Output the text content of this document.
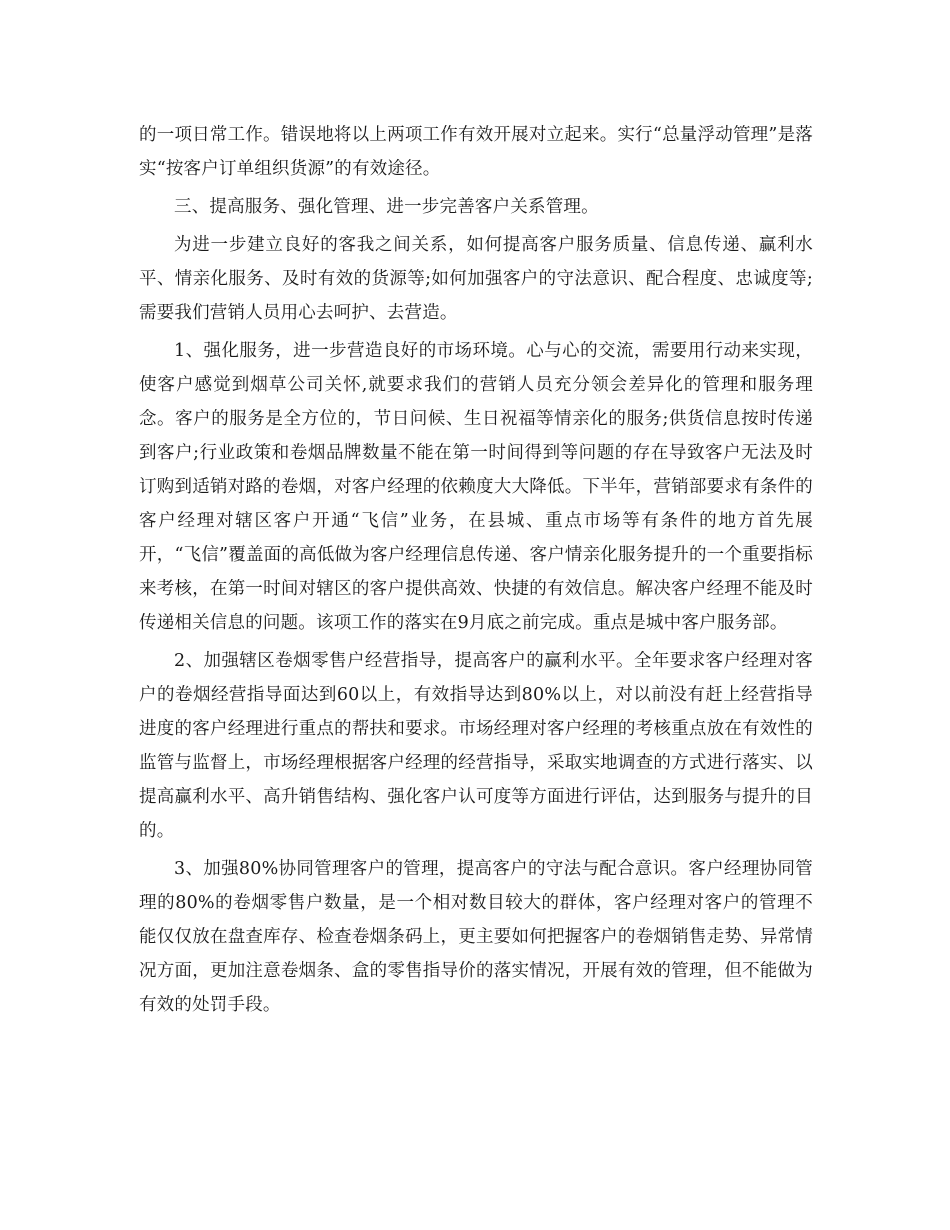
的一项日常工作。错误地将以上两项工作有效开展对立起来。实行“总量浮动管理”是落实“按客户订单组织货源”的有效途径。

三、提高服务、强化管理、进一步完善客户关系管理。

为进一步建立良好的客我之间关系，如何提高客户服务质量、信息传递、赢利水平、情亲化服务、及时有效的货源等;如何加强客户的守法意识、配合程度、忠诚度等;需要我们营销人员用心去呵护、去营造。

1、强化服务，进一步营造良好的市场环境。心与心的交流，需要用行动来实现，使客户感觉到烟草公司关怀,就要求我们的营销人员充分领会差异化的管理和服务理念。客户的服务是全方位的，节日问候、生日祝福等情亲化的服务;供货信息按时传递到客户;行业政策和卷烟品牌数量不能在第一时间得到等问题的存在导致客户无法及时订购到适销对路的卷烟，对客户经理的依赖度大大降低。下半年，营销部要求有条件的客户经理对辖区客户开通“飞信”业务，在县城、重点市场等有条件的地方首先展开，“飞信”覆盖面的高低做为客户经理信息传递、客户情亲化服务提升的一个重要指标来考核，在第一时间对辖区的客户提供高效、快捷的有效信息。解决客户经理不能及时传递相关信息的问题。该项工作的落实在9月底之前完成。重点是城中客户服务部。

2、加强辖区卷烟零售户经营指导，提高客户的赢利水平。全年要求客户经理对客户的卷烟经营指导面达到60以上，有效指导达到80%以上，对以前没有赶上经营指导进度的客户经理进行重点的帮扶和要求。市场经理对客户经理的考核重点放在有效性的监管与监督上，市场经理根据客户经理的经营指导，采取实地调查的方式进行落实、以提高赢利水平、高升销售结构、强化客户认可度等方面进行评估，达到服务与提升的目的。

3、加强80%协同管理客户的管理，提高客户的守法与配合意识。客户经理协同管理的80%的卷烟零售户数量，是一个相对数目较大的群体，客户经理对客户的管理不能仅仅放在盘查库存、检查卷烟条码上，更主要如何把握客户的卷烟销售走势、异常情况方面，更加注意卷烟条、盒的零售指导价的落实情况，开展有效的管理，但不能做为有效的处罚手段。
